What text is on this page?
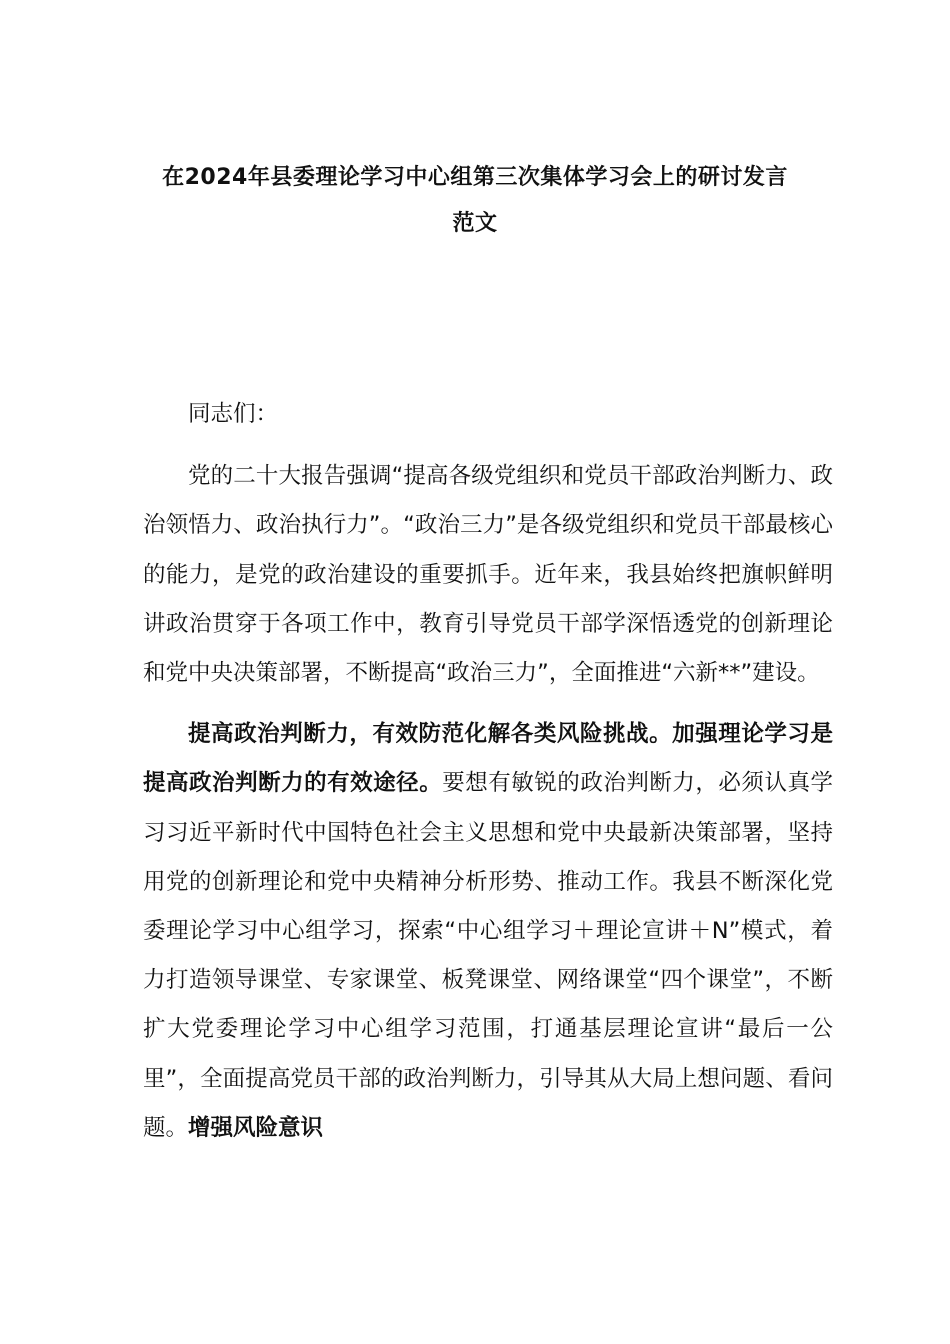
在2024年县委理论学习中心组第三次集体学习会上的研讨发言
范文

同志们：

党的二十大报告强调“提高各级党组织和党员干部政治判断力、政治领悟力、政治执行力”。“政治三力”是各级党组织和党员干部最核心的能力，是党的政治建设的重要抓手。近年来，我县始终把旗帜鲜明讲政治贯穿于各项工作中，教育引导党员干部学深悟透党的创新理论和党中央决策部署，不断提高“政治三力”，全面推进“六新**”建设。

提高政治判断力，有效防范化解各类风险挑战。加强理论学习是提高政治判断力的有效途径。要想有敏锐的政治判断力，必须认真学习习近平新时代中国特色社会主义思想和党中央最新决策部署，坚持用党的创新理论和党中央精神分析形势、推动工作。我县不断深化党委理论学习中心组学习，探索“中心组学习＋理论宣讲＋N”模式，着力打造领导课堂、专家课堂、板凳课堂、网络课堂“四个课堂”，不断扩大党委理论学习中心组学习范围，打通基层理论宣讲“最后一公里”，全面提高党员干部的政治判断力，引导其从大局上想问题、看问题。增强风险意识
